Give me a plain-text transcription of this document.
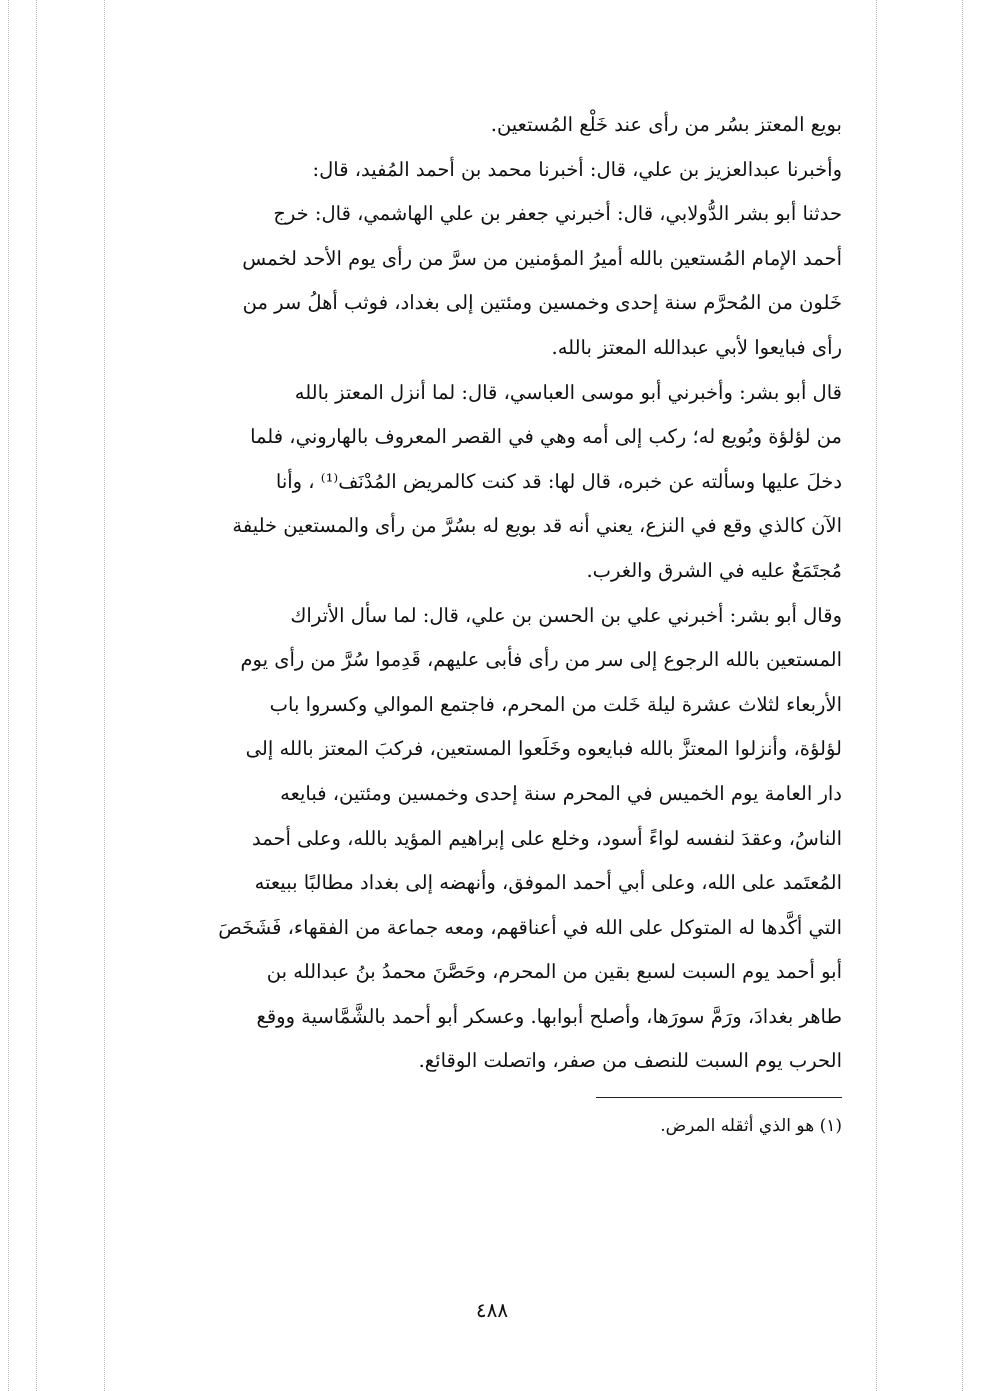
بويع المعتز بسُر من رأى عند خَلْع المُستعين.
وأخبرنا عبدالعزيز بن علي، قال: أخبرنا محمد بن أحمد المُفيد، قال:
حدثنا أبو بشر الدُّولابي، قال: أخبرني جعفر بن علي الهاشمي، قال: خرج
أحمد الإمام المُستعين بالله أميرُ المؤمنين من سرَّ من رأى يوم الأحد لخمس
خَلون من المُحرَّم سنة إحدى وخمسين ومئتين إلى بغداد، فوثب أهلُ سر من
رأى فبايعوا لأبي عبدالله المعتز بالله.
قال أبو بشر: وأخبرني أبو موسى العباسي، قال: لما أنزل المعتز بالله
من لؤلؤة وبُويع له؛ ركب إلى أمه وهي في القصر المعروف بالهاروني، فلما
دخلَ عليها وسألته عن خبره، قال لها: قد كنت كالمريض المُدْنَف⁽¹⁾ ، وأنا
الآن كالذي وقع في النزع، يعني أنه قد بويع له بسُرَّ من رأى والمستعين خليفة
مُجتَمَعٌ عليه في الشرق والغرب.
وقال أبو بشر: أخبرني علي بن الحسن بن علي، قال: لما سأل الأتراك
المستعين بالله الرجوع إلى سر من رأى فأبى عليهم، قَدِموا سُرَّ من رأى يوم
الأربعاء لثلاث عشرة ليلة خَلت من المحرم، فاجتمع الموالي وكسروا باب
لؤلؤة، وأنزلوا المعتزَّ بالله فبايعوه وخَلَعوا المستعين، فركبَ المعتز بالله إلى
دار العامة يوم الخميس في المحرم سنة إحدى وخمسين ومئتين، فبايعه
الناسُ، وعقدَ لنفسه لواءً أسود، وخلع على إبراهيم المؤيد بالله، وعلى أحمد
المُعتَمد على الله، وعلى أبي أحمد الموفق، وأنهضه إلى بغداد مطالبًا ببيعته
التي أكَّدها له المتوكل على الله في أعناقهم، ومعه جماعة من الفقهاء، فَشَخَصَ
أبو أحمد يوم السبت لسبع بقين من المحرم، وحَصَّنَ محمدُ بنُ عبدالله بن
طاهر بغدادَ، ورَمَّ سورَها، وأصلح أبوابها. وعسكر أبو أحمد بالشَّمَّاسية ووقع
الحرب يوم السبت للنصف من صفر، واتصلت الوقائع.
(١) هو الذي أثقله المرض.
٤٨٨
